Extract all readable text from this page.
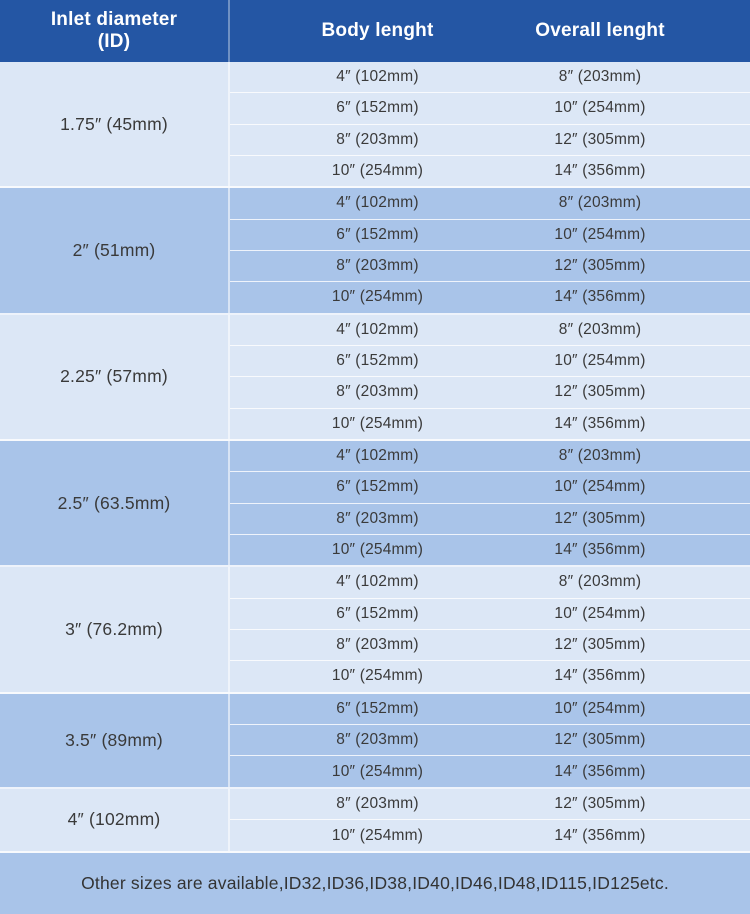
Inlet diameter
(ID)
Body lenght	Overall lenght
1.75″ (45mm)
4″ (102mm)	8″ (203mm)
6″ (152mm)	10″ (254mm)
8″ (203mm)	12″ (305mm)
10″ (254mm)	14″ (356mm)
2″ (51mm)
4″ (102mm)	8″ (203mm)
6″ (152mm)	10″ (254mm)
8″ (203mm)	12″ (305mm)
10″ (254mm)	14″ (356mm)
2.25″ (57mm)
4″ (102mm)	8″ (203mm)
6″ (152mm)	10″ (254mm)
8″ (203mm)	12″ (305mm)
10″ (254mm)	14″ (356mm)
2.5″ (63.5mm)
4″ (102mm)	8″ (203mm)
6″ (152mm)	10″ (254mm)
8″ (203mm)	12″ (305mm)
10″ (254mm)	14″ (356mm)
3″ (76.2mm)
4″ (102mm)	8″ (203mm)
6″ (152mm)	10″ (254mm)
8″ (203mm)	12″ (305mm)
10″ (254mm)	14″ (356mm)
3.5″ (89mm)
6″ (152mm)	10″ (254mm)
8″ (203mm)	12″ (305mm)
10″ (254mm)	14″ (356mm)
4″ (102mm)
8″ (203mm)	12″ (305mm)
10″ (254mm)	14″ (356mm)
Other sizes are available,ID32,ID36,ID38,ID40,ID46,ID48,ID115,ID125etc.
